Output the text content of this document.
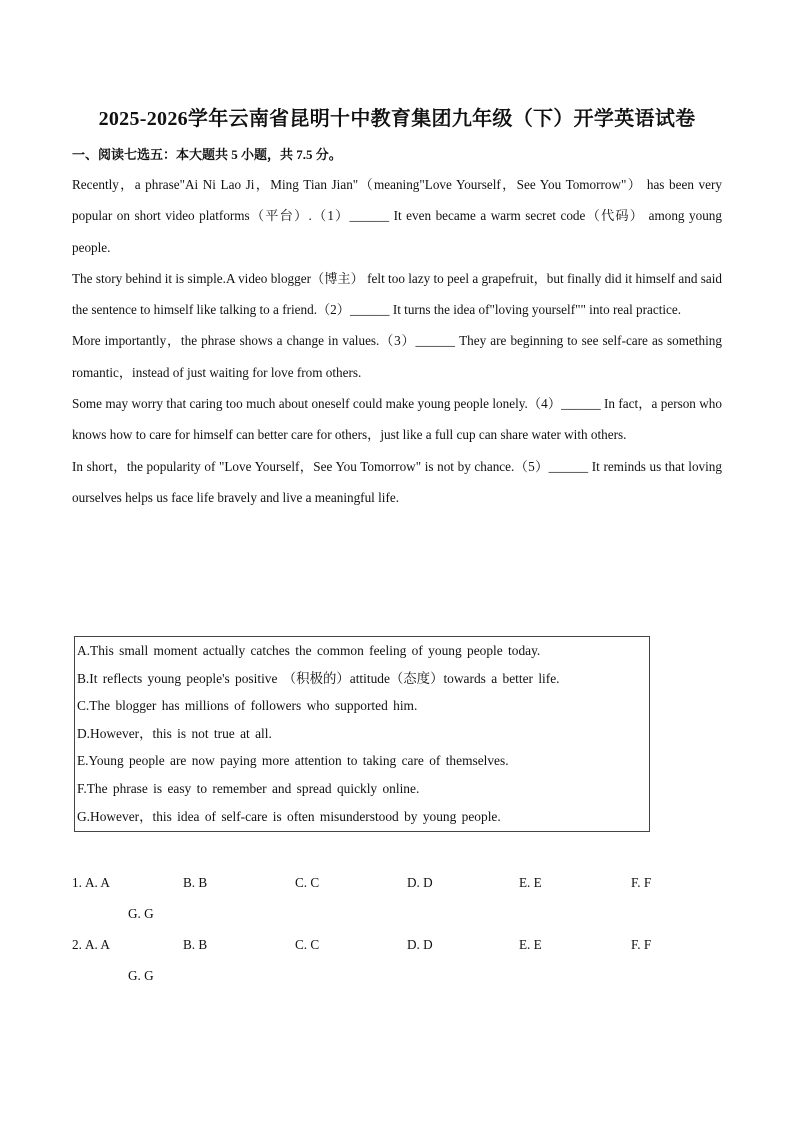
2025-2026学年云南省昆明十中教育集团九年级（下）开学英语试卷
一、阅读七选五：本大题共 5 小题，共 7.5 分。

Recently，a phrase"Ai Ni Lao Ji，Ming Tian Jian"（meaning"Love Yourself，See You Tomorrow"） has been very popular on short video platforms（平台）.（1）______ It even became a warm secret code（代码） among young people.

The story behind it is simple.A video blogger（博主） felt too lazy to peel a grapefruit，but finally did it himself and said the sentence to himself like talking to a friend.（2）______ It turns the idea of"loving yourself"" into real practice.

More importantly，the phrase shows a change in values.（3）______ They are beginning to see self-care as something romantic，instead of just waiting for love from others.

Some may worry that caring too much about oneself could make young people lonely.（4）______ In fact，a person who knows how to care for himself can better care for others，just like a full cup can share water with others.

In short，the popularity of "Love Yourself，See You Tomorrow" is not by chance.（5）______ It reminds us that loving ourselves helps us face life bravely and live a meaningful life.

A.This small moment actually catches the common feeling of young people today.
B.It reflects young people's positive （积极的）attitude（态度）towards a better life.
C.The blogger has millions of followers who supported him.
D.However，this is not true at all.
E.Young people are now paying more attention to taking care of themselves.
F.The phrase is easy to remember and spread quickly online.
G.However，this idea of self-care is often misunderstood by young people.
1. A. A	B. B	C. C	D. D	E. E	F. F
G. G
2. A. A	B. B	C. C	D. D	E. E	F. F
G. G
